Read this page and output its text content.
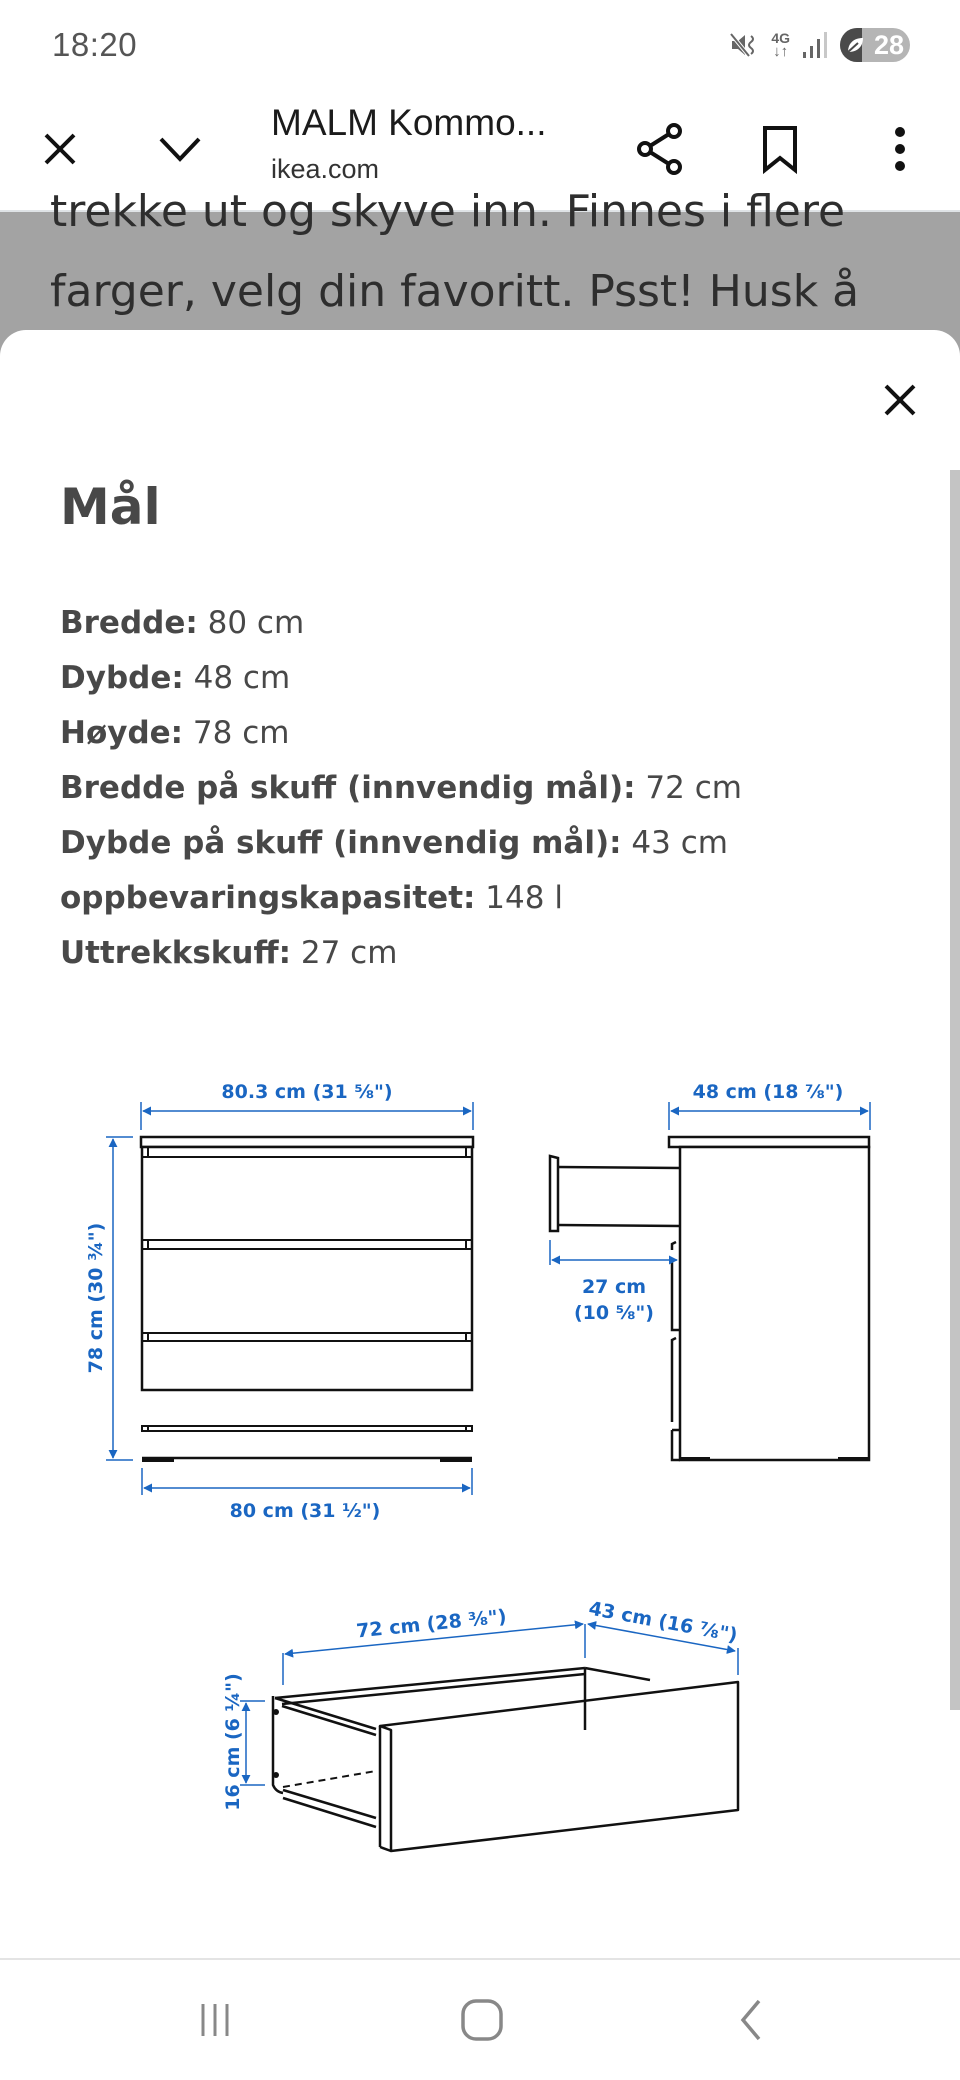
18:20	4G
↓↑	28
MALM Kommo...
ikea.com
trekke ut og skyve inn. Finnes i flere
farger, velg din favoritt. Psst! Husk å
Mål
Bredde: 80 cm
Dybde: 48 cm
Høyde: 78 cm
Bredde på skuff (innvendig mål): 72 cm
Dybde på skuff (innvendig mål): 43 cm
oppbevaringskapasitet: 148 l
Uttrekkskuff: 27 cm
80.3 cm (31 ⅝")
78 cm (30 ¾")
80 cm (31 ½")
48 cm (18 ⅞")
27 cm
(10 ⅝")
72 cm (28 ⅜")	43 cm (16 ⅞")
16 cm (6 ¼")
